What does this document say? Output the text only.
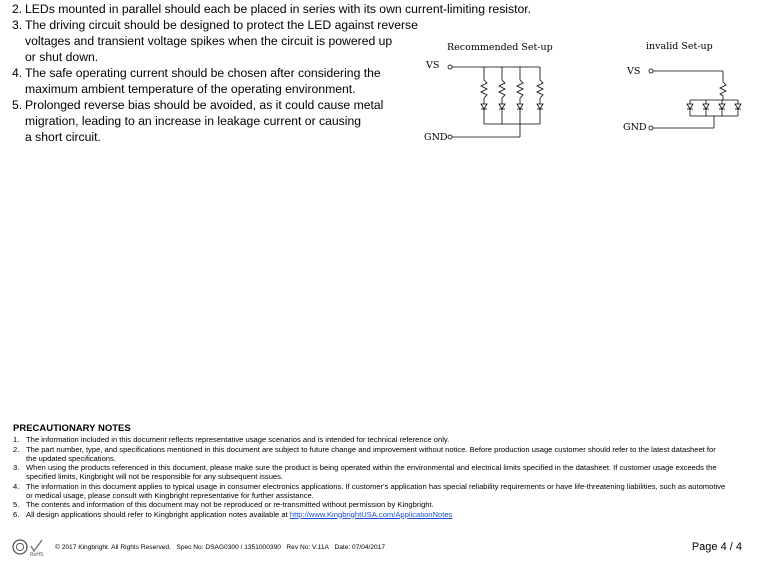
2. LEDs mounted in parallel should each be placed in series with its own current-limiting resistor.
3. The driving circuit should be designed to protect the LED against reverse
voltages and transient voltage spikes when the circuit is powered up
or shut down.
4. The safe operating current should be chosen after considering the
maximum ambient temperature of the operating environment.
5. Prolonged reverse bias should be avoided, as it could cause metal
migration, leading to an increase in leakage current or causing
a short circuit.
Recommended Set-up
VS
GND
invalid Set-up
VS
GND
PRECAUTIONARY NOTES
1. The information included in this document reflects representative usage scenarios and is intended for technical reference only.
2. The part number, type, and specifications mentioned in this document are subject to future change and improvement without notice. Before production usage customer should refer to the latest datasheet for the updated specifications.
3. When using the products referenced in this document, please make sure the product is being operated within the environmental and electrical limits specified in the datasheet. If customer usage exceeds the specified limits, Kingbright will not be responsible for any subsequent issues.
4. The information in this document applies to typical usage in consumer electronics applications. If customer's application has special reliability requirements or have life-threatening liabilities, such as automotive or medical usage, please consult with Kingbright representative for further assistance.
5. The contents and information of this document may not be reproduced or re-transmitted without permission by Kingbright.
6. All design applications should refer to Kingbright application notes available at http://www.KingbrightUSA.com/ApplicationNotes
RoHS
© 2017 Kingbright. All Rights Reserved. Spec No: DSAG0300 / 1351000390 Rev No: V.11A Date: 07/04/2017	Page 4 / 4
